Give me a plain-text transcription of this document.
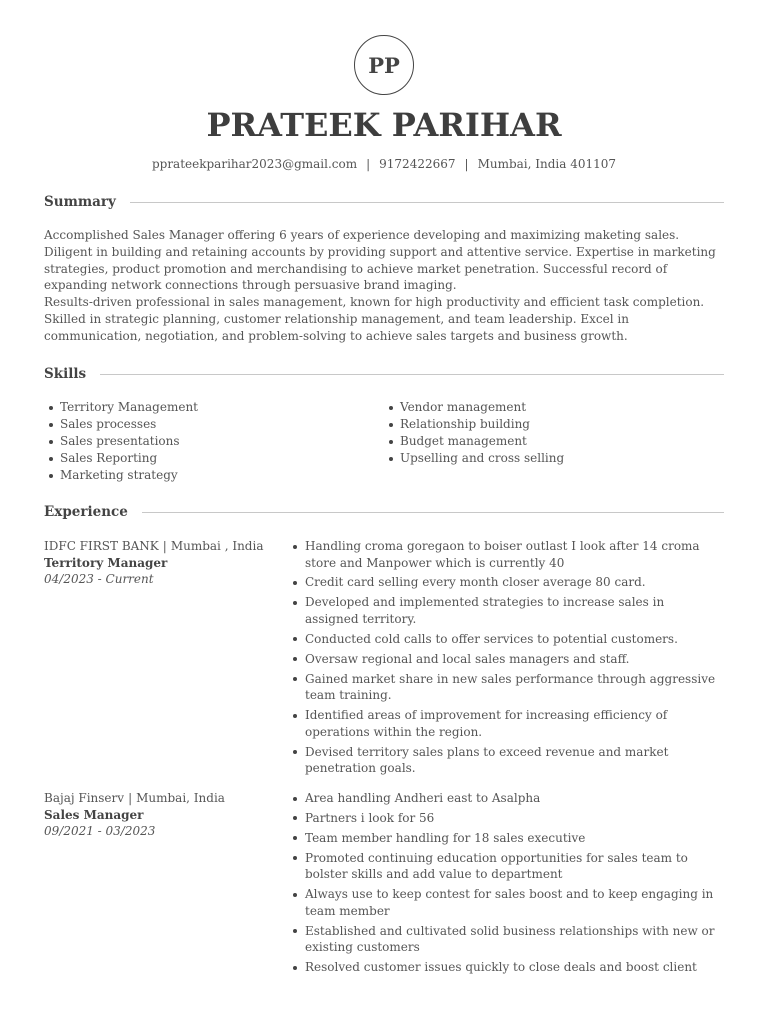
PP
PRATEEK PARIHAR
pprateekparihar2023@gmail.com | 9172422667 | Mumbai, India 401107
Summary

Accomplished Sales Manager offering 6 years of experience developing and maximizing maketing sales. Diligent in building and retaining accounts by providing support and attentive service. Expertise in marketing strategies, product promotion and merchandising to achieve market penetration. Successful record of expanding network connections through persuasive brand imaging.

Results-driven professional in sales management, known for high productivity and efficient task completion. Skilled in strategic planning, customer relationship management, and team leadership. Excel in communication, negotiation, and problem-solving to achieve sales targets and business growth.

Skills
Territory Management
Sales processes
Sales presentations
Sales Reporting
Marketing strategy
Vendor management
Relationship building
Budget management
Upselling and cross selling
Experience
IDFC FIRST BANK | Mumbai , India
Territory Manager
04/2023 - Current
Handling croma goregaon to boiser outlast I look after 14 croma store and Manpower which is currently 40
Credit card selling every month closer average 80 card.
Developed and implemented strategies to increase sales in assigned territory.
Conducted cold calls to offer services to potential customers.
Oversaw regional and local sales managers and staff.
Gained market share in new sales performance through aggressive team training.
Identified areas of improvement for increasing efficiency of operations within the region.
Devised territory sales plans to exceed revenue and market penetration goals.
Bajaj Finserv | Mumbai, India
Sales Manager
09/2021 - 03/2023
Area handling Andheri east to Asalpha
Partners i look for 56
Team member handling for 18 sales executive
Promoted continuing education opportunities for sales team to bolster skills and add value to department
Always use to keep contest for sales boost and to keep engaging in team member
Established and cultivated solid business relationships with new or existing customers
Resolved customer issues quickly to close deals and boost client
